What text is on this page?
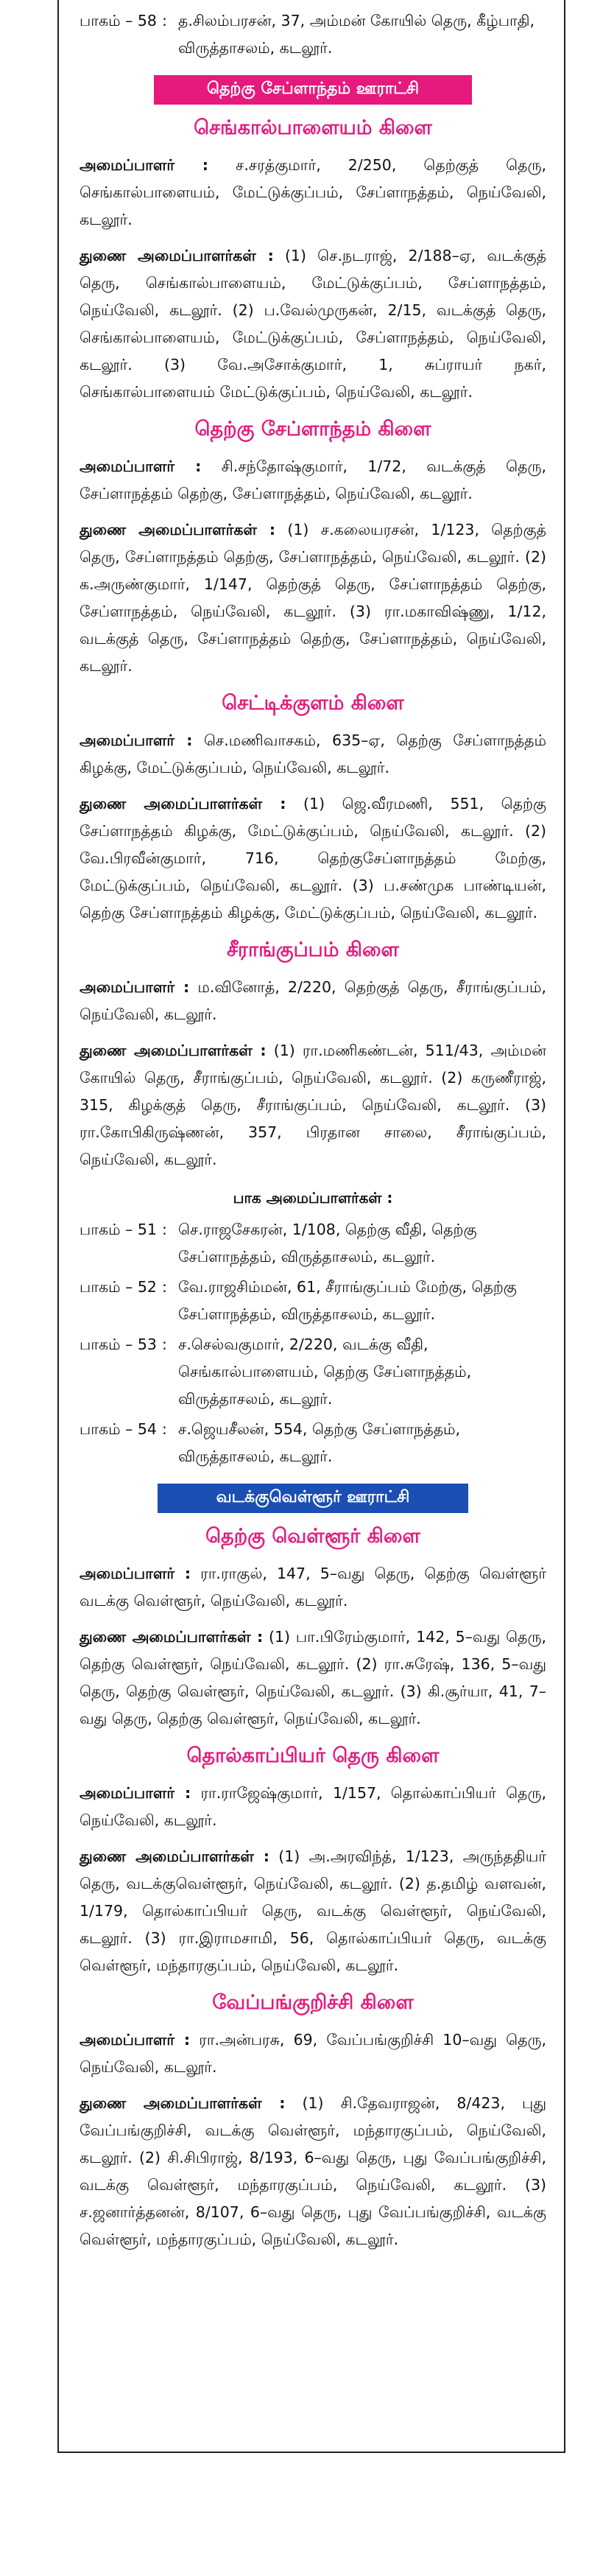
பாகம் – 58 : த.சிலம்பரசன், 37, அம்மன் கோயில் தெரு, கீழ்பாதி, விருத்தாசலம், கடலூர்.
தெற்கு சேப்ளாந்தம் ஊராட்சி
செங்கால்பாளையம் கிளை

அமைப்பாளர் : ச.சரத்குமார், 2/250, தெற்குத் தெரு, செங்கால்பாளையம், மேட்டுக்குப்பம், சேப்ளாநத்தம், நெய்வேலி, கடலூர்.

துணை அமைப்பாளர்கள் : (1) செ.நடராஜ், 2/188–ஏ, வடக்குத் தெரு, செங்கால்பாளையம், மேட்டுக்குப்பம், சேப்ளாநத்தம், நெய்வேலி, கடலூர். (2) ப.வேல்முருகன், 2/15, வடக்குத் தெரு, செங்கால்பாளையம், மேட்டுக்குப்பம், சேப்ளாநத்தம், நெய்வேலி, கடலூர். (3) வே.அசோக்குமார், 1, சுப்ராயர் நகர், செங்கால்பாளையம் மேட்டுக்குப்பம், நெய்வேலி, கடலூர்.

தெற்கு சேப்ளாந்தம் கிளை

அமைப்பாளர் : சி.சந்தோஷ்குமார், 1/72, வடக்குத் தெரு, சேப்ளாநத்தம் தெற்கு, சேப்ளாநத்தம், நெய்வேலி, கடலூர்.

துணை அமைப்பாளர்கள் : (1) ச.கலையரசன், 1/123, தெற்குத் தெரு, சேப்ளாநத்தம் தெற்கு, சேப்ளாநத்தம், நெய்வேலி, கடலூர். (2) க.அருண்குமார், 1/147, தெற்குத் தெரு, சேப்ளாநத்தம் தெற்கு, சேப்ளாநத்தம், நெய்வேலி, கடலூர். (3) ரா.மகாவிஷ்ணு, 1/12, வடக்குத் தெரு, சேப்ளாநத்தம் தெற்கு, சேப்ளாநத்தம், நெய்வேலி, கடலூர்.

செட்டிக்குளம் கிளை

அமைப்பாளர் : செ.மணிவாசகம், 635–ஏ, தெற்கு சேப்ளாநத்தம் கிழக்கு, மேட்டுக்குப்பம், நெய்வேலி, கடலூர்.

துணை அமைப்பாளர்கள் : (1) ஜெ.வீரமணி, 551, தெற்கு சேப்ளாநத்தம் கிழக்கு, மேட்டுக்குப்பம், நெய்வேலி, கடலூர். (2) வே.பிரவீன்குமார், 716, தெற்குசேப்ளாநத்தம் மேற்கு, மேட்டுக்குப்பம், நெய்வேலி, கடலூர். (3) ப.சண்முக பாண்டியன், தெற்கு சேப்ளாநத்தம் கிழக்கு, மேட்டுக்குப்பம், நெய்வேலி, கடலூர்.

சீராங்குப்பம் கிளை

அமைப்பாளர் : ம.வினோத், 2/220, தெற்குத் தெரு, சீராங்குப்பம், நெய்வேலி, கடலூர்.

துணை அமைப்பாளர்கள் : (1) ரா.மணிகண்டன், 511/43, அம்மன் கோயில் தெரு, சீராங்குப்பம், நெய்வேலி, கடலூர். (2) கருணீராஜ், 315, கிழக்குத் தெரு, சீராங்குப்பம், நெய்வேலி, கடலூர். (3) ரா.கோபிகிருஷ்ணன், 357, பிரதான சாலை, சீராங்குப்பம், நெய்வேலி, கடலூர்.

பாக அமைப்பாளர்கள் :
பாகம் – 51 : செ.ராஜசேகரன், 1/108, தெற்கு வீதி, தெற்கு சேப்ளாநத்தம், விருத்தாசலம், கடலூர்.
பாகம் – 52 : வே.ராஜசிம்மன், 61, சீராங்குப்பம் மேற்கு, தெற்கு சேப்ளாநத்தம், விருத்தாசலம், கடலூர்.
பாகம் – 53 : ச.செல்வகுமார், 2/220, வடக்கு வீதி, செங்கால்பாளையம், தெற்கு சேப்ளாநத்தம், விருத்தாசலம், கடலூர்.
பாகம் – 54 : ச.ஜெயசீலன், 554, தெற்கு சேப்ளாநத்தம், விருத்தாசலம், கடலூர்.
வடக்குவெள்ளூர் ஊராட்சி
தெற்கு வெள்ளூர் கிளை

அமைப்பாளர் : ரா.ராகுல், 147, 5–வது தெரு, தெற்கு வெள்ளூர் வடக்கு வெள்ளூர், நெய்வேலி, கடலூர்.

துணை அமைப்பாளர்கள் : (1) பா.பிரேம்குமார், 142, 5–வது தெரு, தெற்கு வெள்ளூர், நெய்வேலி, கடலூர். (2) ரா.சுரேஷ், 136, 5–வது தெரு, தெற்கு வெள்ளூர், நெய்வேலி, கடலூர். (3) கி.சூர்யா, 41, 7–வது தெரு, தெற்கு வெள்ளூர், நெய்வேலி, கடலூர்.

தொல்காப்பியர் தெரு கிளை

அமைப்பாளர் : ரா.ராஜேஷ்குமார், 1/157, தொல்காப்பியர் தெரு, நெய்வேலி, கடலூர்.

துணை அமைப்பாளர்கள் : (1) அ.அரவிந்த், 1/123, அருந்ததியர் தெரு, வடக்குவெள்ளூர், நெய்வேலி, கடலூர். (2) த.தமிழ் வளவன், 1/179, தொல்காப்பியர் தெரு, வடக்கு வெள்ளூர், நெய்வேலி, கடலூர். (3) ரா.இராமசாமி, 56, தொல்காப்பியர் தெரு, வடக்கு வெள்ளூர், மந்தாரகுப்பம், நெய்வேலி, கடலூர்.

வேப்பங்குறிச்சி கிளை

அமைப்பாளர் : ரா.அன்பரசு, 69, வேப்பங்குறிச்சி 10–வது தெரு, நெய்வேலி, கடலூர்.

துணை அமைப்பாளர்கள் : (1) சி.தேவராஜன், 8/423, புது வேப்பங்குறிச்சி, வடக்கு வெள்ளூர், மந்தாரகுப்பம், நெய்வேலி, கடலூர். (2) சி.சிபிராஜ், 8/193, 6–வது தெரு, புது வேப்பங்குறிச்சி, வடக்கு வெள்ளூர், மந்தாரகுப்பம், நெய்வேலி, கடலூர். (3) ச.ஜனார்த்தனன், 8/107, 6–வது தெரு, புது வேப்பங்குறிச்சி, வடக்கு வெள்ளூர், மந்தாரகுப்பம், நெய்வேலி, கடலூர்.
